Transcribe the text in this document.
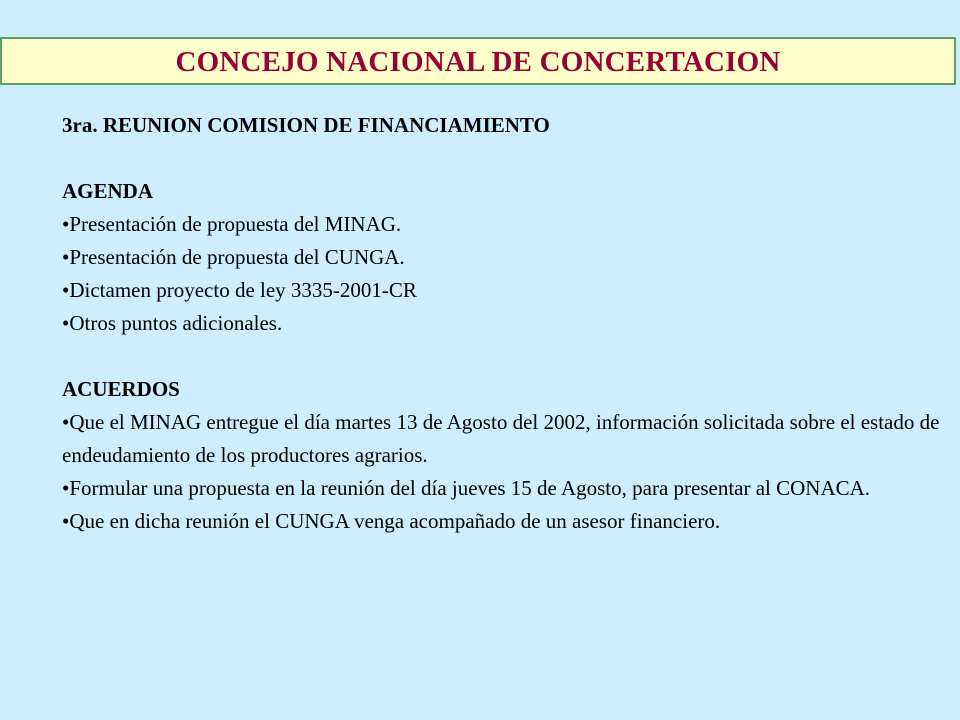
CONCEJO NACIONAL DE CONCERTACION
3ra. REUNION COMISION DE FINANCIAMIENTO
AGENDA
•Presentación de propuesta del MINAG.
•Presentación de propuesta del CUNGA.
•Dictamen proyecto de ley 3335-2001-CR
•Otros puntos adicionales.
ACUERDOS
•Que el MINAG entregue el día martes 13 de Agosto del 2002, información solicitada sobre el estado de endeudamiento de los productores agrarios.
•Formular una propuesta en la reunión del día jueves 15 de Agosto, para presentar al CONACA.
•Que en dicha reunión el CUNGA venga acompañado de un asesor financiero.
